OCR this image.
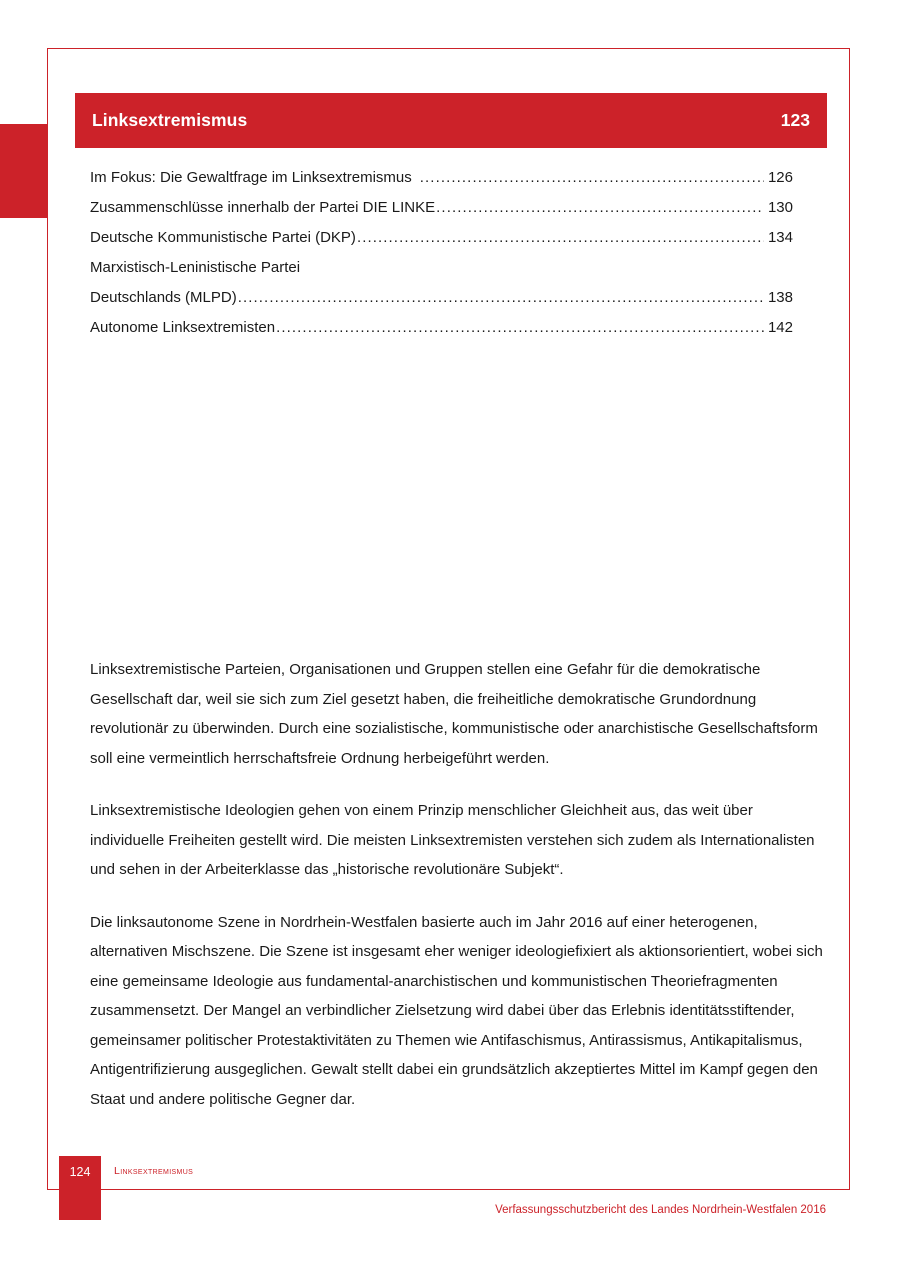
Linksextremismus	123
Im Fokus: Die Gewaltfrage im Linksextremismus .....	126
Zusammenschlüsse innerhalb der Partei DIE LINKE .....	130
Deutsche Kommunistische Partei (DKP) .....	134
Marxistisch-Leninistische Partei
Deutschlands (MLPD) .....	138
Autonome Linksextremisten .....	142

Linksextremistische Parteien, Organisationen und Gruppen stellen eine Gefahr für die demokratische Gesellschaft dar, weil sie sich zum Ziel gesetzt haben, die freiheitliche demokratische Grundordnung revolutionär zu überwinden. Durch eine sozialistische, kommunistische oder anarchistische Gesellschaftsform soll eine vermeintlich herrschaftsfreie Ordnung herbeigeführt werden.

Linksextremistische Ideologien gehen von einem Prinzip menschlicher Gleichheit aus, das weit über individuelle Freiheiten gestellt wird. Die meisten Linksextremisten verstehen sich zudem als Internationalisten und sehen in der Arbeiterklasse das „historische revolutionäre Subjekt“.

Die linksautonome Szene in Nordrhein-Westfalen basierte auch im Jahr 2016 auf einer heterogenen, alternativen Mischszene. Die Szene ist insgesamt eher weniger ideologiefixiert als aktionsorientiert, wobei sich eine gemeinsame Ideologie aus fundamental-anarchistischen und kommunistischen Theoriefragmenten zusammensetzt. Der Mangel an verbindlicher Zielsetzung wird dabei über das Erlebnis identitätsstiftender, gemeinsamer politischer Protestaktivitäten zu Themen wie Antifaschismus, Antirassismus, Antikapitalismus, Antigentrifizierung ausgeglichen. Gewalt stellt dabei ein grundsätzlich akzeptiertes Mittel im Kampf gegen den Staat und andere politische Gegner dar.

124	Linksextremismus
Verfassungsschutzbericht des Landes Nordrhein-Westfalen 2016
